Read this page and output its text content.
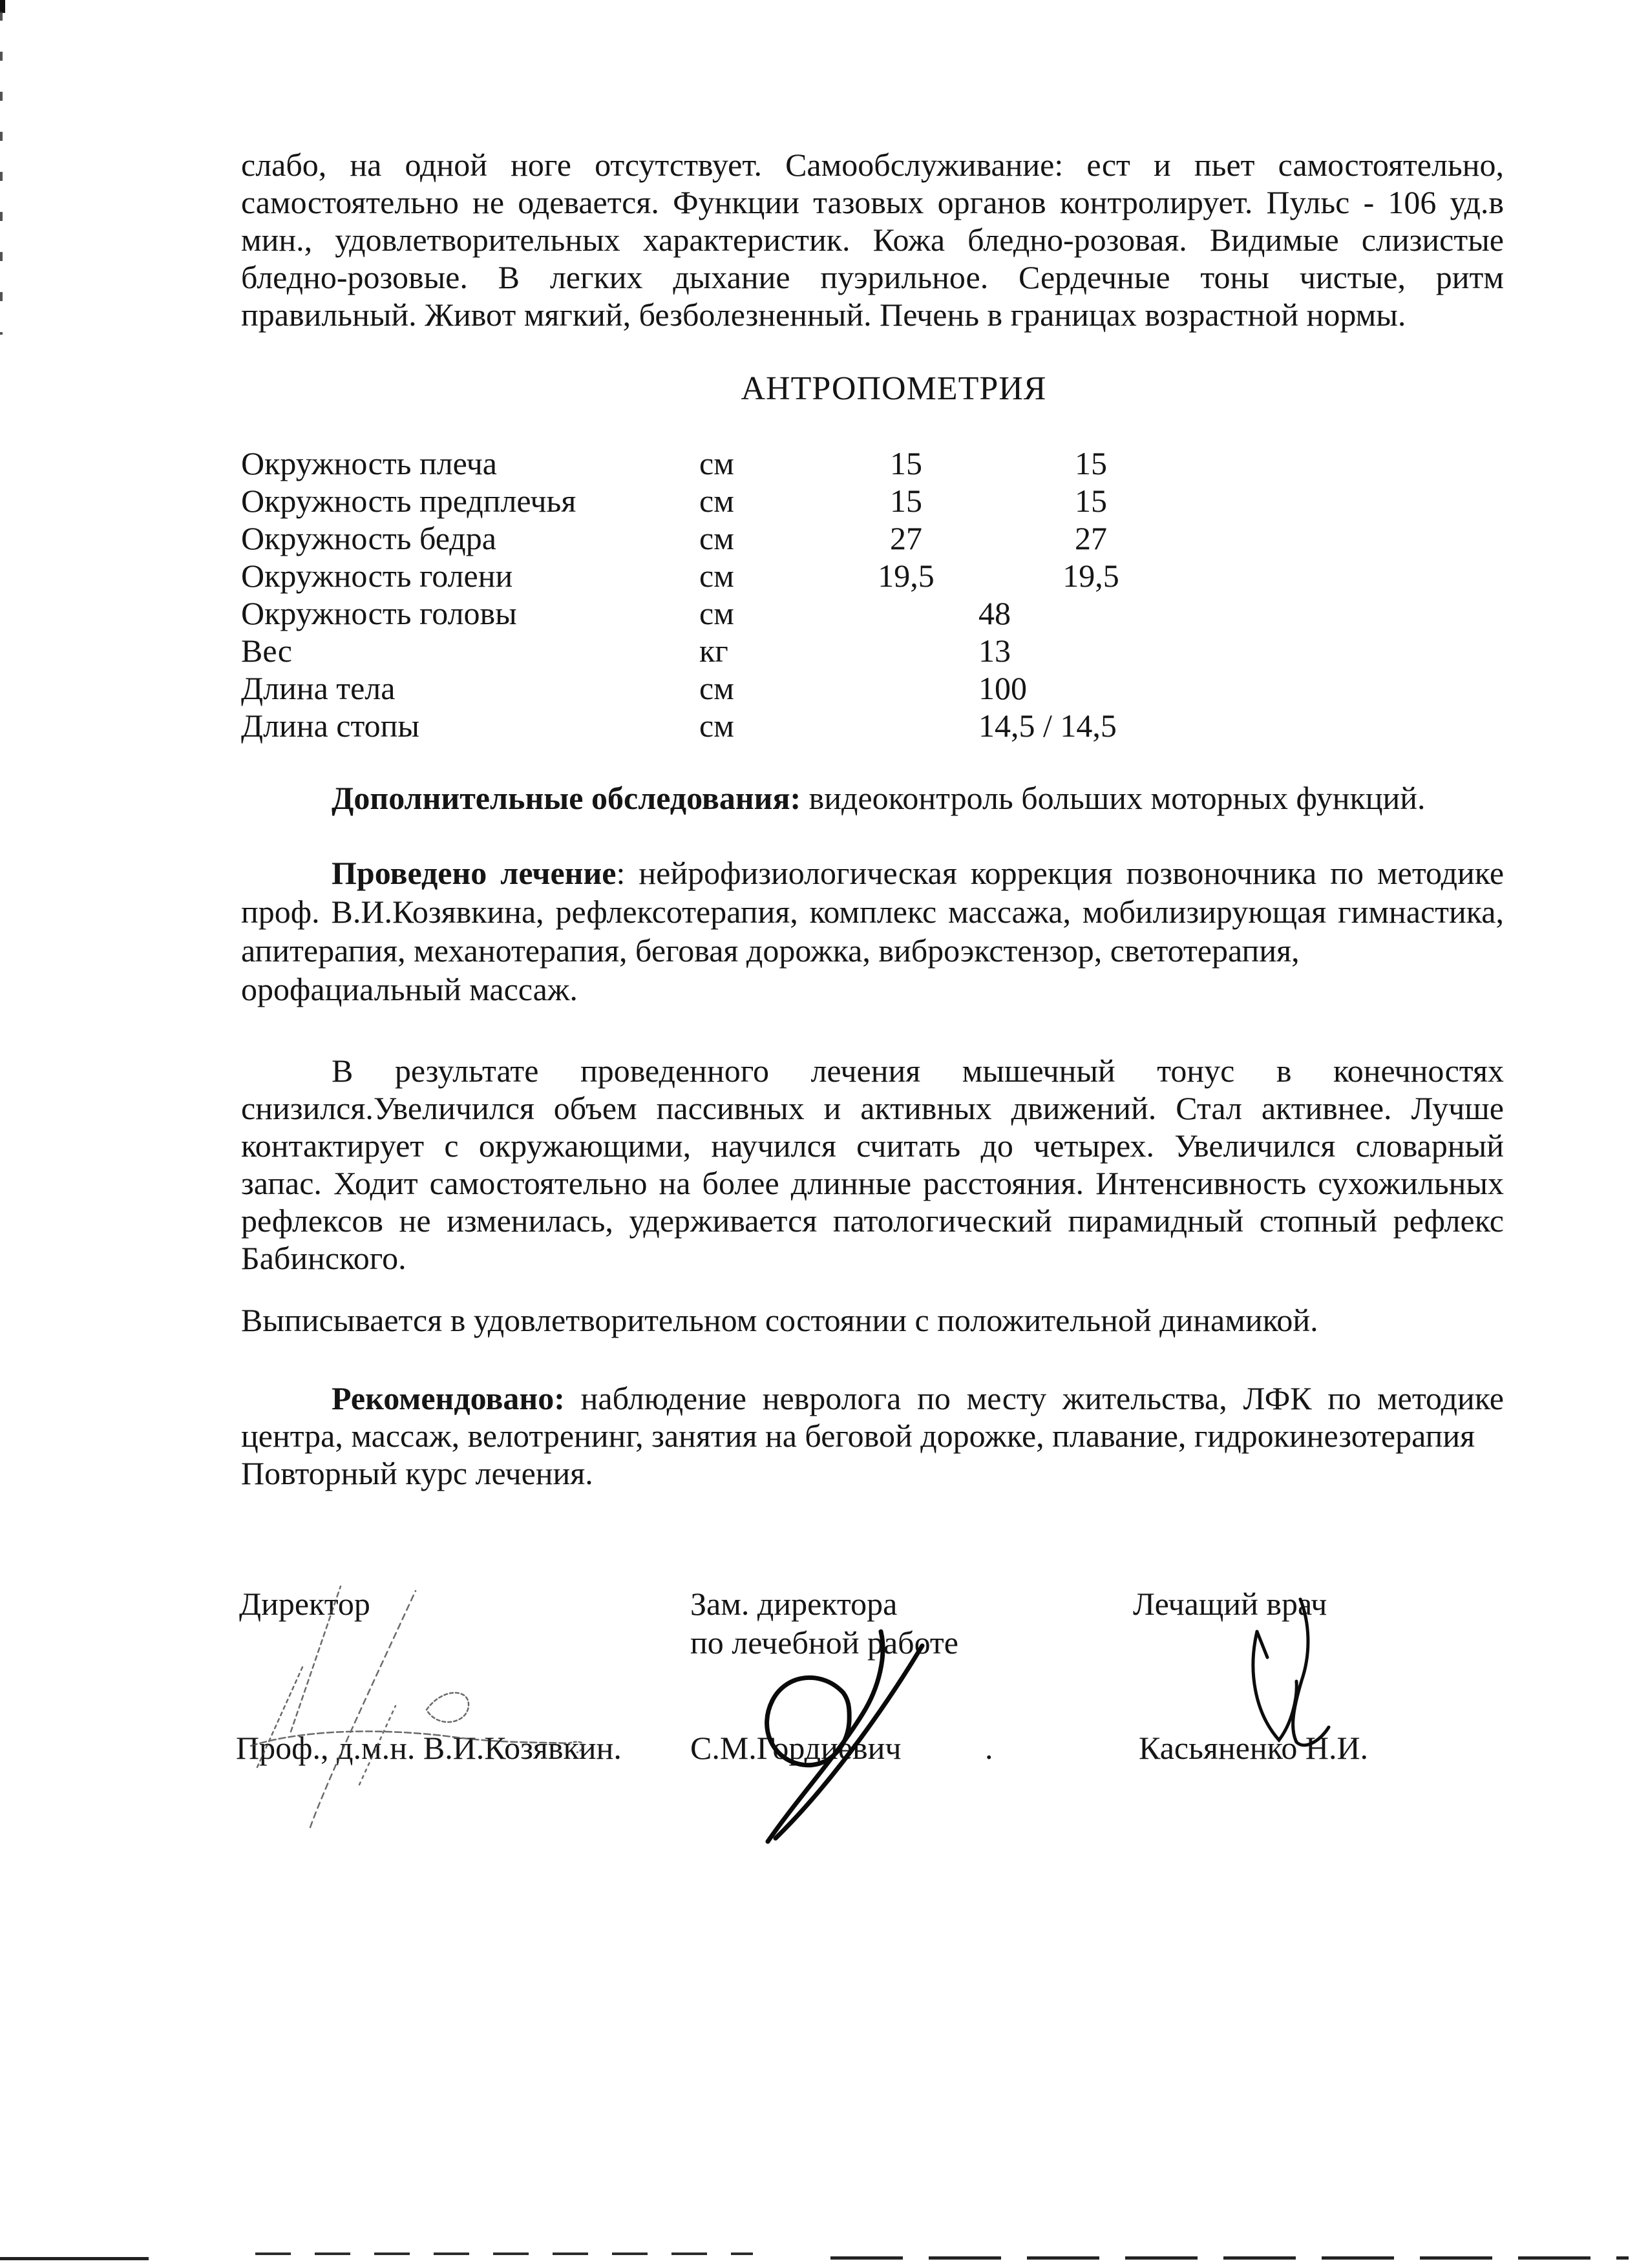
слабо, на одной ноге отсутствует. Самообслуживание: ест и пьет самостоятельно,
самостоятельно не одевается. Функции тазовых органов контролирует. Пульс - 106 уд.в
мин., удовлетворительных характеристик. Кожа бледно-розовая. Видимые слизистые
бледно-розовые. В легких дыхание пуэрильное. Сердечные тоны чистые, ритм
правильный. Живот мягкий, безболезненный. Печень в границах возрастной нормы.
АНТРОПОМЕТРИЯ
Окружность плеча	см	15	15
Окружность предплечья	см	15	15
Окружность бедра	см	27	27
Окружность голени	см	19,5	19,5
Окружность головы	см	48
Вес	кг	13
Длина тела	см	100
Длина стопы	см	14,5 / 14,5
Дополнительные обследования: видеоконтроль больших моторных функций.
Проведено лечение: нейрофизиологическая коррекция позвоночника по методике
проф. В.И.Козявкина, рефлексотерапия, комплекс массажа, мобилизирующая гимнастика,
апитерапия, механотерапия, беговая дорожка, виброэкстензор, светотерапия,
орофациальный массаж.
В результате проведенного лечения мышечный тонус в конечностях
снизился.Увеличился объем пассивных и активных движений. Стал активнее. Лучше
контактирует с окружающими, научился считать до четырех. Увеличился словарный
запас. Ходит самостоятельно на более длинные расстояния. Интенсивность сухожильных
рефлексов не изменилась, удерживается патологический пирамидный стопный рефлекс
Бабинского.
Выписывается в удовлетворительном состоянии с положительной динамикой.
Рекомендовано: наблюдение невролога по месту жительства, ЛФК по методике
центра, массаж, велотренинг, занятия на беговой дорожке, плавание, гидрокинезотерапия
Повторный курс лечения.
Директор	Зам. директора
по лечебной работе
Лечащий врач
Проф., д.м.н. В.И.Козявкин. С.М.Гордиевич	.	Касьяненко Н.И.
